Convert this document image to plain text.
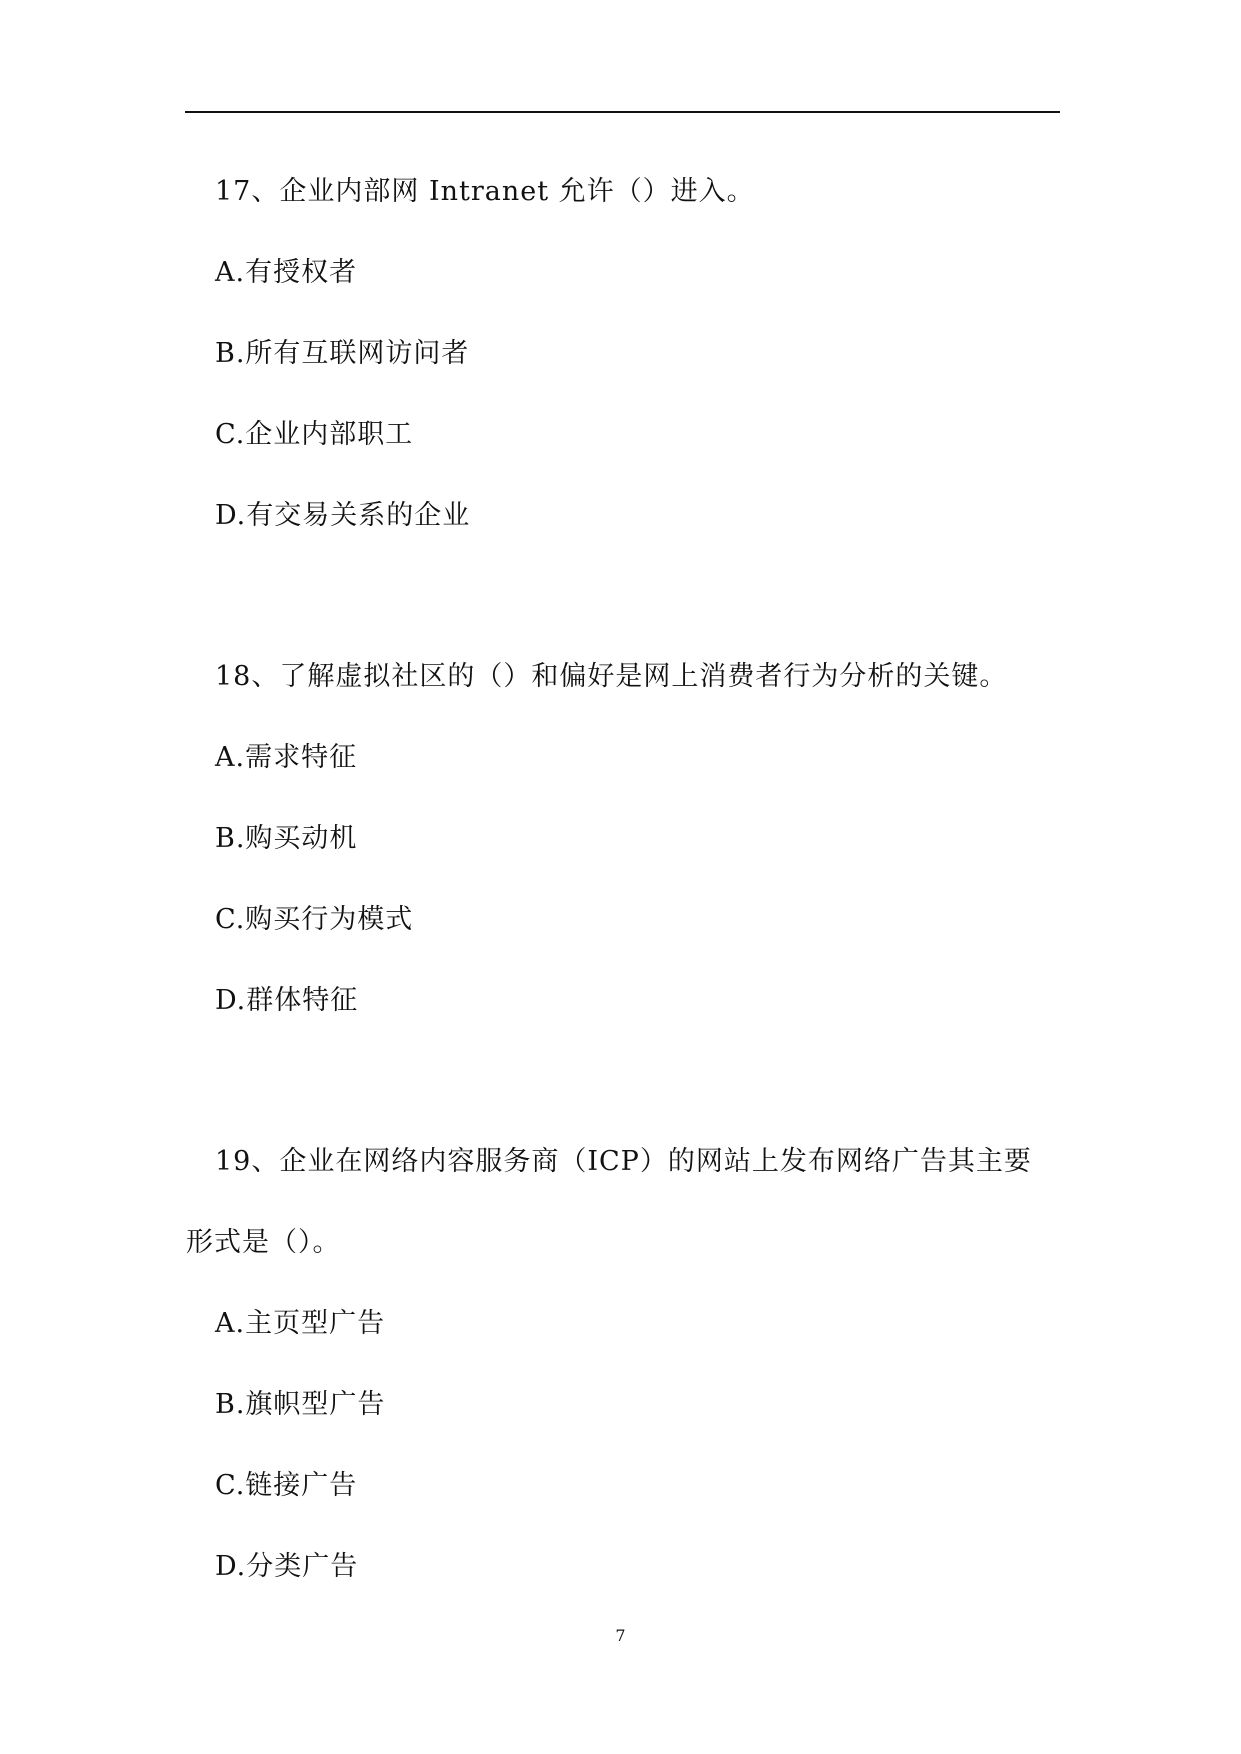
17、企业内部网 Intranet 允许（）进入。
A.有授权者
B.所有互联网访问者
C.企业内部职工
D.有交易关系的企业
18、了解虚拟社区的（）和偏好是网上消费者行为分析的关键。
A.需求特征
B.购买动机
C.购买行为模式
D.群体特征
19、企业在网络内容服务商（ICP）的网站上发布网络广告其主要
形式是（）。
A.主页型广告
B.旗帜型广告
C.链接广告
D.分类广告
7
